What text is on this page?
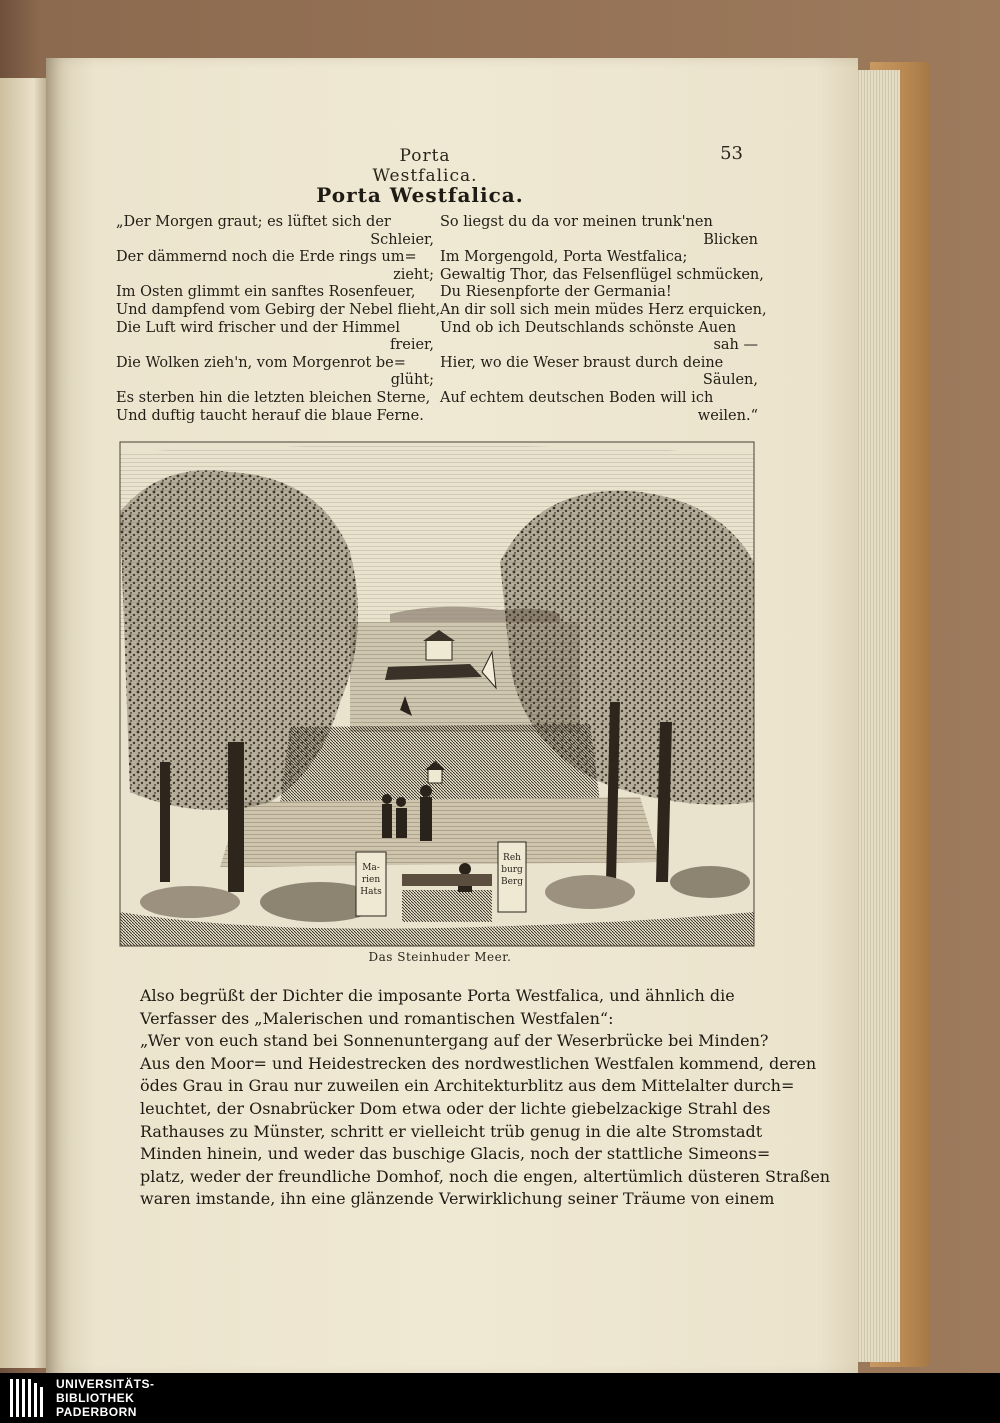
Porta Westfalica.
53
Porta Westfalica.
„Der Morgen graut; es lüftet sich der
Schleier,
Der dämmernd noch die Erde rings um=
zieht;
Im Osten glimmt ein sanftes Rosenfeuer,
Und dampfend vom Gebirg der Nebel flieht,
Die Luft wird frischer und der Himmel
freier,
Die Wolken zieh'n, vom Morgenrot be=
glüht;
Es sterben hin die letzten bleichen Sterne,
Und duftig taucht herauf die blaue Ferne.
So liegst du da vor meinen trunk'nen
Blicken
Im Morgengold, Porta Westfalica;
Gewaltig Thor, das Felsenflügel schmücken,
Du Riesenpforte der Germania!
An dir soll sich mein müdes Herz erquicken,
Und ob ich Deutschlands schönste Auen
sah —
Hier, wo die Weser braust durch deine
Säulen,
Auf echtem deutschen Boden will ich
weilen.“
Ma-
rien
Hats
Reh
burg
Berg
Das Steinhuder Meer.
Also begrüßt der Dichter die imposante Porta Westfalica, und ähnlich die
Verfasser des „Malerischen und romantischen Westfalen“:
„Wer von euch stand bei Sonnenuntergang auf der Weserbrücke bei Minden?
Aus den Moor= und Heidestrecken des nordwestlichen Westfalen kommend, deren
ödes Grau in Grau nur zuweilen ein Architekturblitz aus dem Mittelalter durch=
leuchtet, der Osnabrücker Dom etwa oder der lichte giebelzackige Strahl des
Rathauses zu Münster, schritt er vielleicht trüb genug in die alte Stromstadt
Minden hinein, und weder das buschige Glacis, noch der stattliche Simeons=
platz, weder der freundliche Domhof, noch die engen, altertümlich düsteren Straßen
waren imstande, ihn eine glänzende Verwirklichung seiner Träume von einem
UNIVERSITÄTS-
BIBLIOTHEK
PADERBORN
